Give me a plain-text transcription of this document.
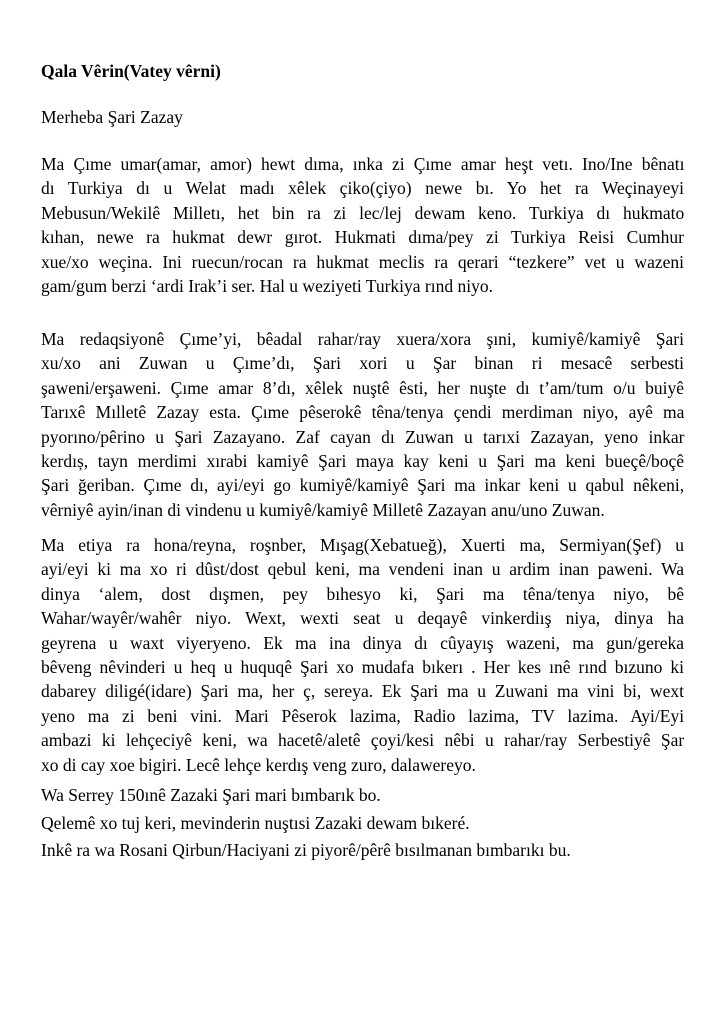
Qala Vêrin(Vatey vêrni)

Merheba Şari Zazay

Ma Çıme umar(amar, amor) hewt dıma, ınka zi Çıme amar heşt vetı. Ino/Ine bênatı
dı Turkiya dı u Welat madı xêlek çiko(çiyo) newe bı. Yo het ra Weçinayeyi
Mebusun/Wekilê Milletı, het bin ra zi lec/lej dewam keno. Turkiya dı hukmato
kıhan, newe ra hukmat dewr gırot. Hukmati dıma/pey zi Turkiya Reisi Cumhur
xue/xo weçina. Ini ruecun/rocan ra hukmat meclis ra qerari “tezkere” vet u wazeni
gam/gum berzi ‘ardi Irak’i ser. Hal u weziyeti Turkiya rınd niyo.

Ma redaqsiyonê Çıme’yi, bêadal rahar/ray xuera/xora şıni, kumiyê/kamiyê Şari
xu/xo ani Zuwan u Çıme’dı, Şari xori u Şar binan ri mesacê serbesti
şaweni/erşaweni. Çıme amar 8’dı, xêlek nuştê êsti, her nuşte dı t’am/tum o/u buiyê
Tarıxê Mılletê Zazay esta. Çıme pêserokê têna/tenya çendi merdiman niyo, ayê ma
pyorıno/pêrino u Şari Zazayano. Zaf cayan dı Zuwan u tarıxi Zazayan, yeno inkar
kerdıș, tayn merdimi xırabi kamiyê Şari maya kay keni u Şari ma keni bueçê/boçê
Şari ğeriban. Çıme dı, ayi/eyi go kumiyê/kamiyê Şari ma inkar keni u qabul nêkeni,
vêrniyê ayin/inan di vindenu u kumiyê/kamiyê Milletê Zazayan anu/uno Zuwan.

Ma etiya ra hona/reyna, roşnber, Mışag(Xebatueğ), Xuerti ma, Sermiyan(Şef) u
ayi/eyi ki ma xo ri dûst/dost qebul keni, ma vendeni inan u ardim inan paweni. Wa
dinya ‘alem, dost dışmen, pey bıhesyo ki, Şari ma têna/tenya niyo, bê
Wahar/wayêr/wahêr niyo. Wext, wexti seat u deqayê vinkerdiış niya, dinya ha
geyrena u waxt viyeryeno. Ek ma ina dinya dı cûyayış wazeni, ma gun/gereka
bêveng nêvinderi u heq u huquqê Şari xo mudafa bıkerı . Her kes ınê rınd bızuno ki
dabarey diligé(idare) Şari ma, her ç, sereya. Ek Şari ma u Zuwani ma vini bi, wext
yeno ma zi beni vini. Mari Pêserok lazima, Radio lazima, TV lazima. Ayi/Eyi
ambazi ki lehçeciyê keni, wa hacetê/aletê çoyi/kesi nêbi u rahar/ray Serbestiyê Şar
xo di cay xoe bigiri. Lecê lehçe kerdış veng zuro, dalawereyo.

Wa Serrey 150ınê Zazaki Şari mari bımbarık bo.
Qelemê xo tuj keri, mevinderin nuştısi Zazaki dewam bıkeré.
Inkê ra wa Rosani Qirbun/Haciyani zi piyorê/pêrê bısılmanan bımbarıkı bu.
